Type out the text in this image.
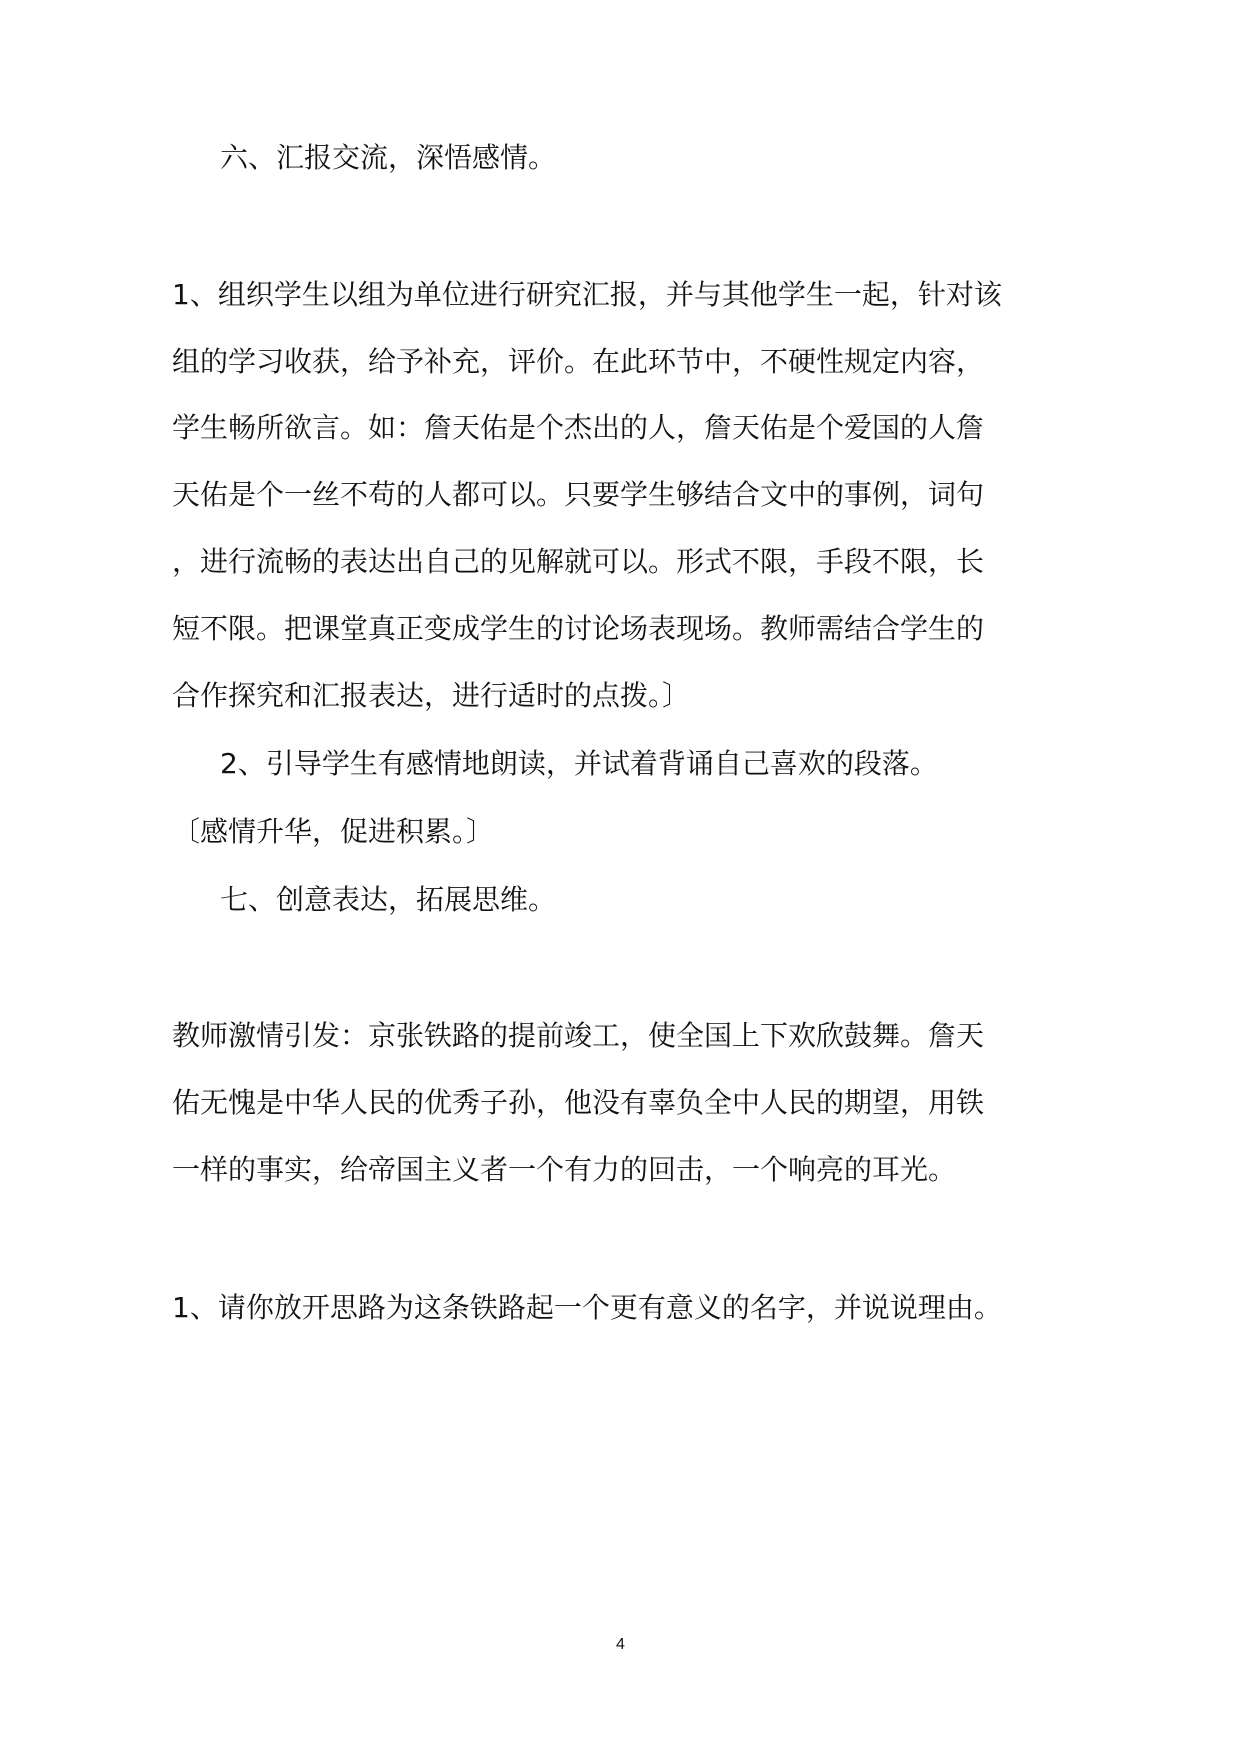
六、汇报交流，深悟感情。

1、组织学生以组为单位进行研究汇报，并与其他学生一起，针对该

组的学习收获，给予补充，评价。在此环节中，不硬性规定内容，

学生畅所欲言。如：詹天佑是个杰出的人，詹天佑是个爱国的人詹

天佑是个一丝不苟的人都可以。只要学生够结合文中的事例，词句

，进行流畅的表达出自己的见解就可以。形式不限，手段不限，长

短不限。把课堂真正变成学生的讨论场表现场。教师需结合学生的

合作探究和汇报表达，进行适时的点拨。〕

2、引导学生有感情地朗读，并试着背诵自己喜欢的段落。

〔感情升华，促进积累。〕

七、创意表达，拓展思维。

教师激情引发：京张铁路的提前竣工，使全国上下欢欣鼓舞。詹天

佑无愧是中华人民的优秀子孙，他没有辜负全中人民的期望，用铁

一样的事实，给帝国主义者一个有力的回击，一个响亮的耳光。

1、请你放开思路为这条铁路起一个更有意义的名字，并说说理由。

4
